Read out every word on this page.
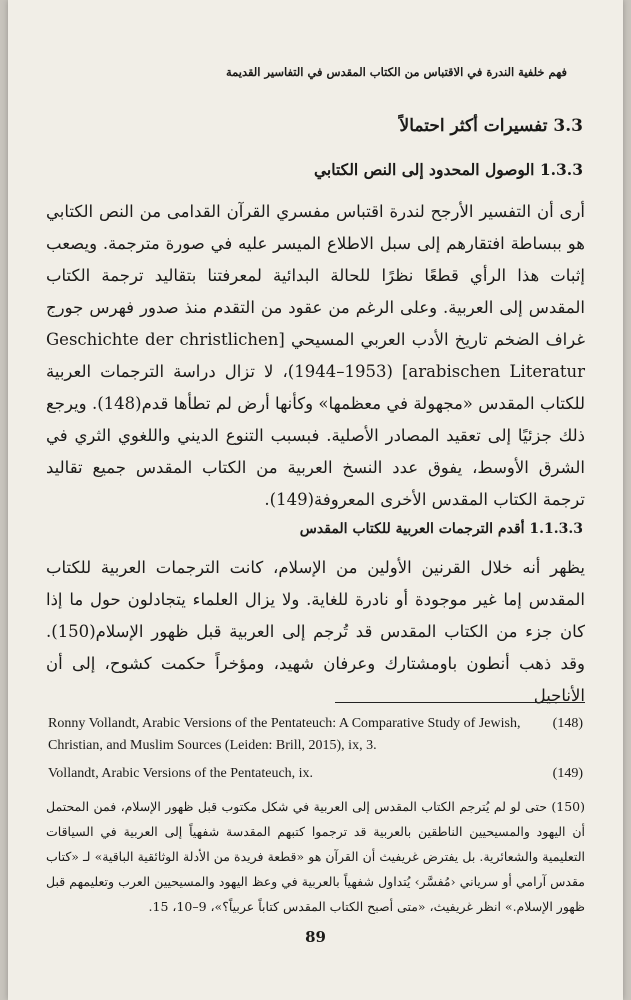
فهم خلفية الندرة في الاقتباس من الكتاب المقدس في التفاسير القديمة
3.3 تفسيرات أكثر احتمالاً
1.3.3 الوصول المحدود إلى النص الكتابي
أرى أن التفسير الأرجح لندرة اقتباس مفسري القرآن القدامى من النص الكتابي هو ببساطة افتقارهم إلى سبل الاطلاع الميسر عليه في صورة مترجمة. ويصعب إثبات هذا الرأي قطعًا نظرًا للحالة البدائية لمعرفتنا بتقاليد ترجمة الكتاب المقدس إلى العربية. وعلى الرغم من عقود من التقدم منذ صدور فهرس جورج غراف الضخم تاريخ الأدب العربي المسيحي [Geschichte der christlichen arabischen Literatur] (1944–1953)، لا تزال دراسة الترجمات العربية للكتاب المقدس «مجهولة في معظمها» وكأنها أرض لم تطأها قدم(148). ويرجع ذلك جزئيًا إلى تعقيد المصادر الأصلية. فبسبب التنوع الديني واللغوي الثري في الشرق الأوسط، يفوق عدد النسخ العربية من الكتاب المقدس جميع تقاليد ترجمة الكتاب المقدس الأخرى المعروفة(149).
1.1.3.3 أقدم الترجمات العربية للكتاب المقدس
يظهر أنه خلال القرنين الأولين من الإسلام، كانت الترجمات العربية للكتاب المقدس إما غير موجودة أو نادرة للغاية. ولا يزال العلماء يتجادلون حول ما إذا كان جزء من الكتاب المقدس قد تُرجم إلى العربية قبل ظهور الإسلام(150). وقد ذهب أنطون باومشتارك وعرفان شهيد، ومؤخراً حكمت كشوح، إلى أن الأناجيل
(148)
Ronny Vollandt, Arabic Versions of the Pentateuch: A Comparative Study of Jewish, Christian, and Muslim Sources (Leiden: Brill, 2015), ix, 3.
(149)
Vollandt, Arabic Versions of the Pentateuch, ix.
(150) حتى لو لم يُترجم الكتاب المقدس إلى العربية في شكل مكتوب قبل ظهور الإسلام، فمن المحتمل أن اليهود والمسيحيين الناطقين بالعربية قد ترجموا كتبهم المقدسة شفهياً إلى العربية في السياقات التعليمية والشعائرية. بل يفترض غريفيث أن القرآن هو «قطعة فريدة من الأدلة الوثائقية الباقية» لـ «كتاب مقدس آرامي أو سرياني ‹مُفسَّر› يُتداول شفهياً بالعربية في وعظ اليهود والمسيحيين العرب وتعليمهم قبل ظهور الإسلام.» انظر غريفيث، «متى أصبح الكتاب المقدس كتاباً عربياً؟»، 9–10، 15.
89
